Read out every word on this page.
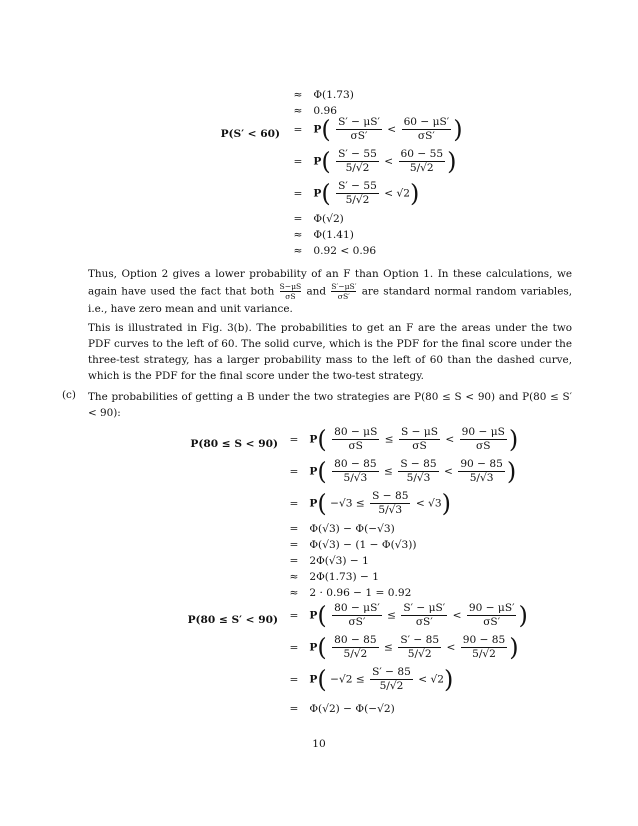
≈ Φ(1.73)
≈ 0.96
P(S′ < 60)	= $P( \frac{S' - \mu S'}{\sigma S'} < \frac{60 - \mu S'}{\sigma S'}$ )
= $P( \frac{S' - 55}{5/√2} < \frac{60 - 55}{5/√2}$ )
= $P( \frac{S' - 55}{5/√2} < √2)$
= Φ(√2)
≈ Φ(1.41)
≈ 0.92 < 0.96
Thus, Option 2 gives a lower probability of an F than Option 1. In these calculations, we again have used the fact that both $\frac{S-\mu S}{\sigma S}$ and $\frac{S'-\mu S'}{\sigma S'}$ are standard normal random variables, i.e., have zero mean and unit variance.
This is illustrated in Fig. 3(b). The probabilities to get an F are the areas under the two PDF curves to the left of 60. The solid curve, which is the PDF for the final score under the three-test strategy, has a larger probability mass to the left of 60 than the dashed curve, which is the PDF for the final score under the two-test strategy.
(c) The probabilities of getting a B under the two strategies are P(80 ≤ S < 90) and P(80 ≤ S′ < 90):
P(80 ≤ S < 90)	= $P( \frac{80 - \mu S}{\sigma S} \le \frac{S - \mu S}{\sigma S} < \frac{90 - \mu S}{\sigma S}$ )
= $P( \frac{80 - 85}{5/√3} \le \frac{S - 85}{5/√3} < \frac{90 - 85}{5/√3}$ )
= $P( -√3 \le \frac{S - 85}{5/√3} < √3)$
= Φ(√3) − Φ(−√3)
= Φ(√3) − (1 − Φ(√3))
= 2Φ(√3) − 1
≈ 2Φ(1.73) − 1
≈ 2 · 0.96 − 1 = 0.92
P(80 ≤ S′ < 90)	= $P( \frac{80 - \mu S'}{\sigma S'} \le \frac{S' - \mu S'}{\sigma S'} < \frac{90 - \mu S'}{\sigma S'}$ )
= $P( \frac{80 - 85}{5/√2} \le \frac{S' - 85}{5/√2} < \frac{90 - 85}{5/√2}$ )
= $P( -√2 \le \frac{S' - 85}{5/√2} < √2)$
= Φ(√2) − Φ(−√2)
10
